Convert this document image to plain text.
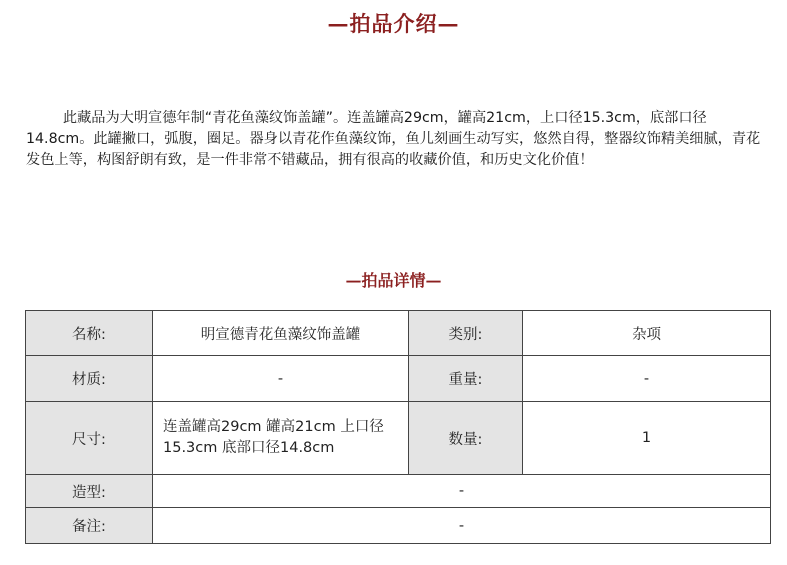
—拍品介绍—

此藏品为大明宣德年制“青花鱼藻纹饰盖罐”。连盖罐高29cm，罐高21cm，上口径15.3cm，底部口径14.8cm。此罐撇口，弧腹，圈足。器身以青花作鱼藻纹饰，鱼儿刻画生动写实，悠然自得，整器纹饰精美细腻，青花发色上等，构图舒朗有致，是一件非常不错藏品，拥有很高的收藏价值，和历史文化价值！

—拍品详情—
名称:	明宣德青花鱼藻纹饰盖罐	类别:	杂项
材质:	-	重量:	-
尺寸:	连盖罐高29cm 罐高21cm 上口径15.3cm 底部口径14.8cm	数量:	1
造型:	-		
备注:	-		
